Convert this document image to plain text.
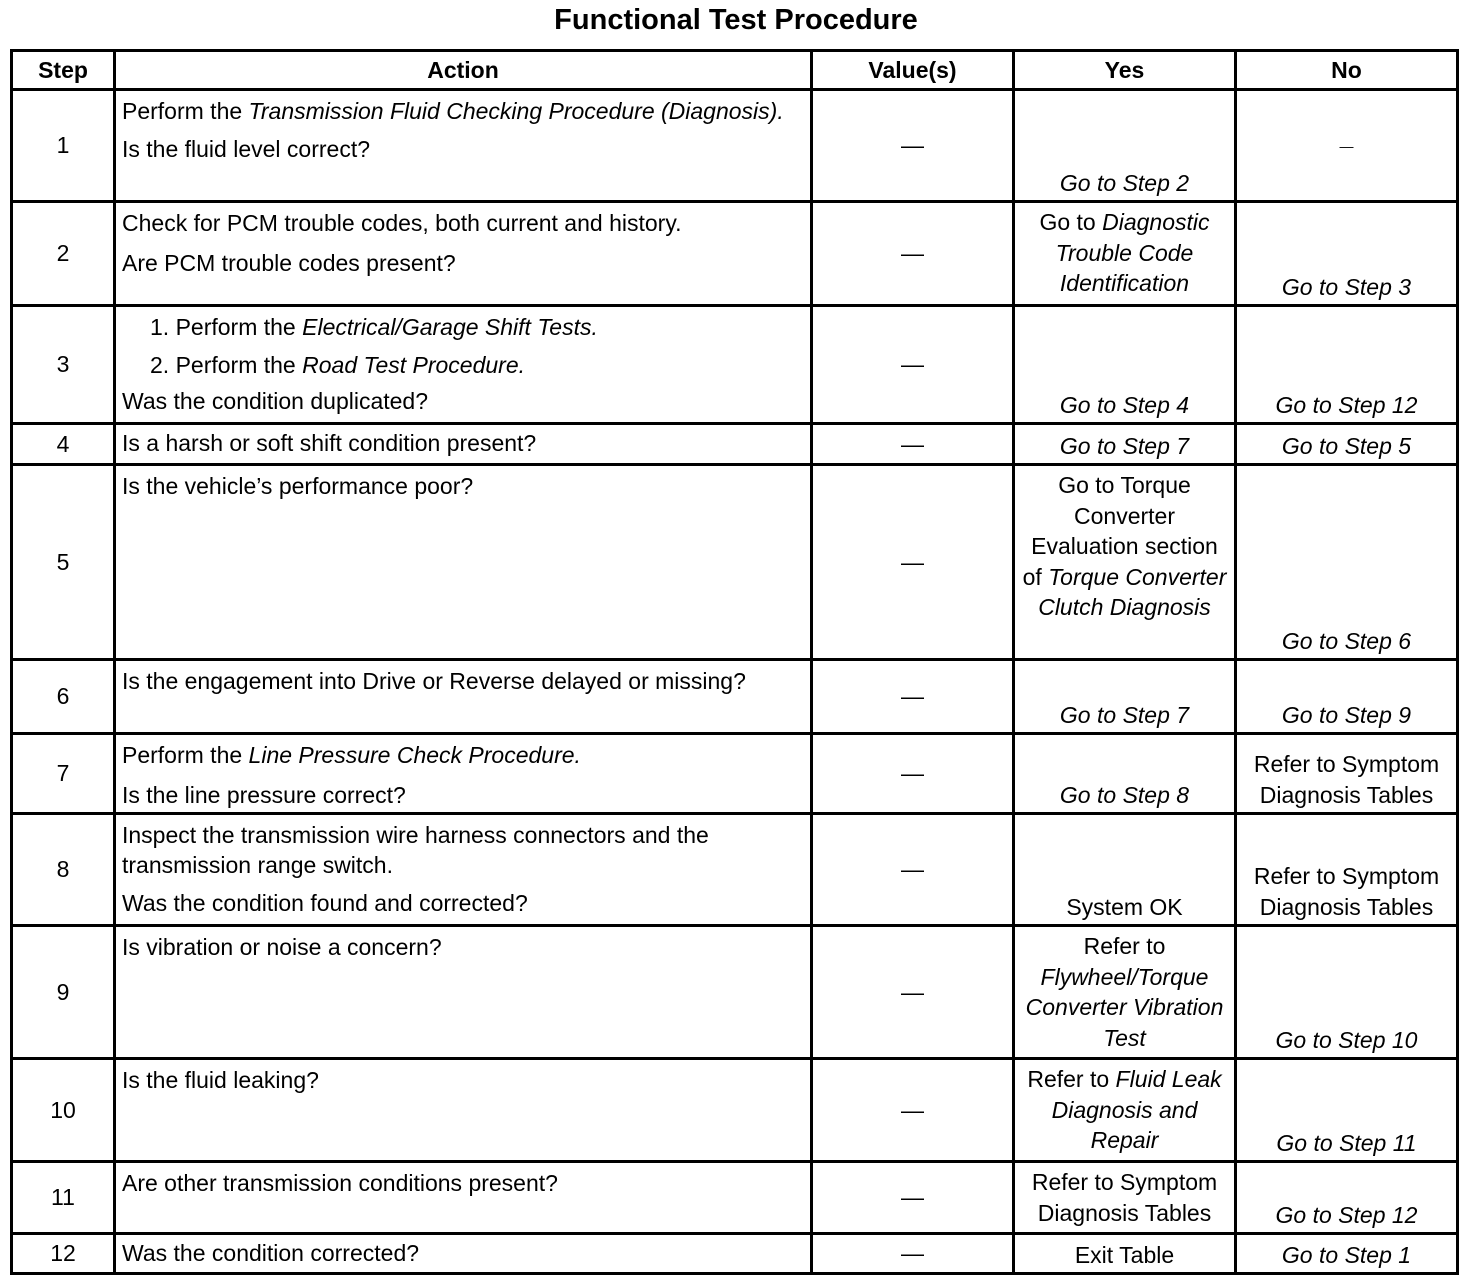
Functional Test Procedure
Step	Action	Value(s)	Yes	No
1	Perform the Transmission Fluid Checking Procedure (Diagnosis).

Is the fluid level correct?	—	Go to Step 2	—
2	Check for PCM trouble codes, both current and history.

Are PCM trouble codes present?	—	Go to Diagnostic Trouble Code Identification	Go to Step 3
3	1. Perform the Electrical/Garage Shift Tests.

2. Perform the Road Test Procedure.

Was the condition duplicated?	—	Go to Step 4	Go to Step 12
4	Is a harsh or soft shift condition present?	—	Go to Step 7	Go to Step 5
5	Is the vehicle’s performance poor?	—	Go to Torque Converter Evaluation section of Torque Converter Clutch Diagnosis	Go to Step 6
6	Is the engagement into Drive or Reverse delayed or missing?	—	Go to Step 7	Go to Step 9
7	Perform the Line Pressure Check Procedure.

Is the line pressure correct?	—	Go to Step 8	Refer to Symptom Diagnosis Tables
8	Inspect the transmission wire harness connectors and the transmission range switch.

Was the condition found and corrected?	—	System OK	Refer to Symptom Diagnosis Tables
9	Is vibration or noise a concern?	—	Refer to Flywheel/Torque Converter Vibration Test	Go to Step 10
10	Is the fluid leaking?	—	Refer to Fluid Leak Diagnosis and Repair	Go to Step 11
11	Are other transmission conditions present?	—	Refer to Symptom Diagnosis Tables	Go to Step 12
12	Was the condition corrected?	—	Exit Table	Go to Step 1
